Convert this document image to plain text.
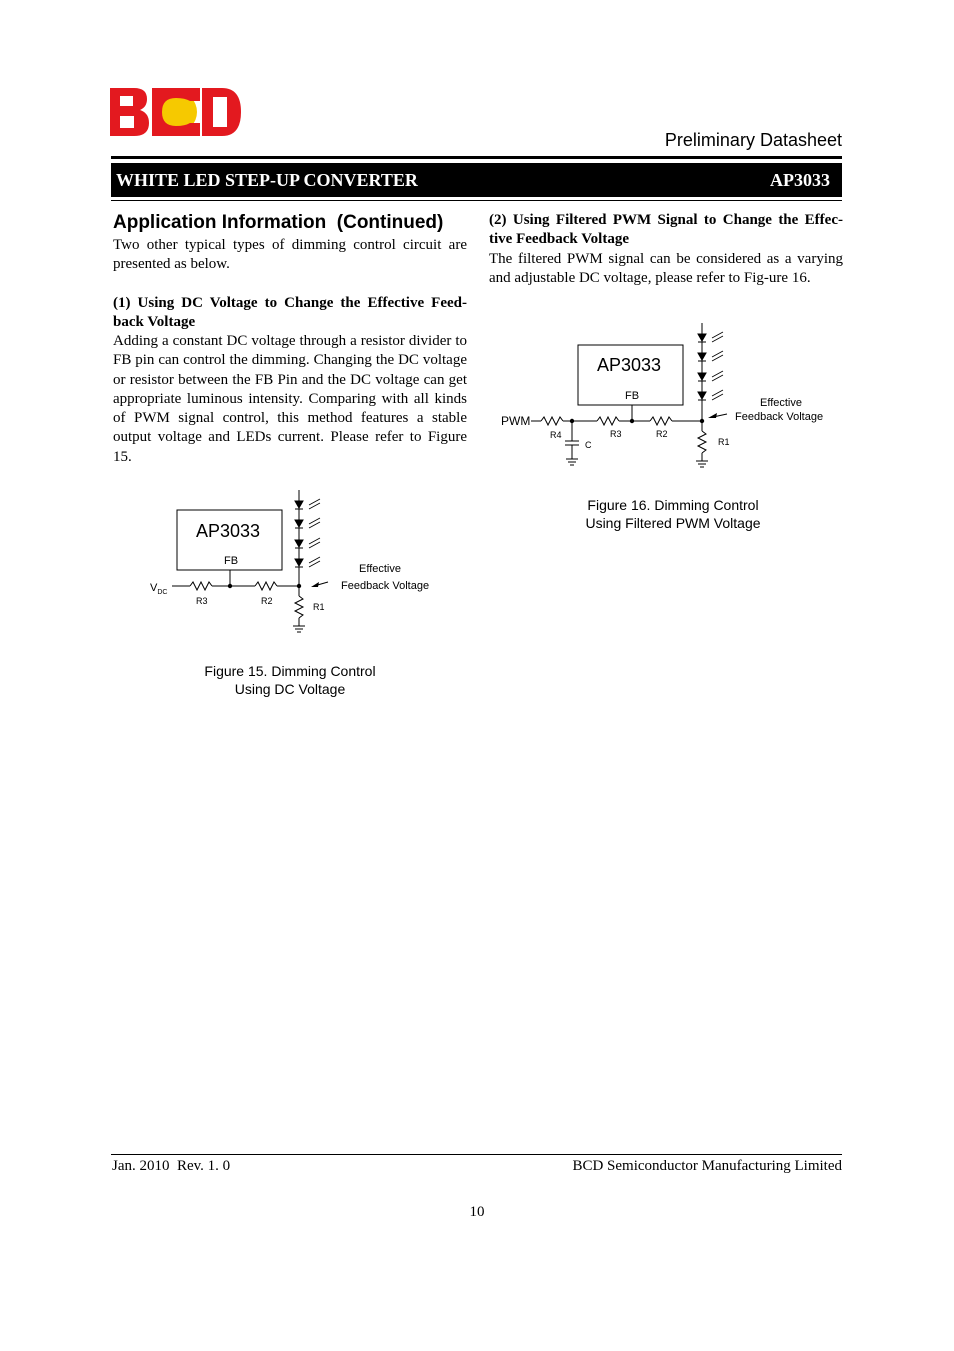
Preliminary Datasheet
WHITE LED STEP-UP CONVERTER	AP3033
Application Information  (Continued)

Two other typical types of dimming control circuit are presented as below.

(1) Using DC Voltage to Change the Effective Feed-back Voltage

Adding a constant DC voltage through a resistor divider to FB pin can control the dimming. Changing the DC voltage or resistor between the FB Pin and the DC voltage can get appropriate luminous intensity. Comparing with all kinds of PWM signal control, this method features a stable output voltage and LEDs current. Please refer to Figure 15.

AP3033
FB
$V_{DC}$
R3	R2
R1
Effective
Feedback Voltage
Figure 15. Dimming Control
Using DC Voltage

(2) Using Filtered PWM Signal to Change the Effec-tive Feedback Voltage

The filtered PWM signal can be considered as a varying and adjustable DC voltage, please refer to Fig-ure 16.

AP3033
FB
PWM
R4
C
R3	R2
R1
Effective
Feedback Voltage
Figure 16. Dimming Control
Using Filtered PWM Voltage
Jan. 2010  Rev. 1. 0	BCD Semiconductor Manufacturing Limited
10
